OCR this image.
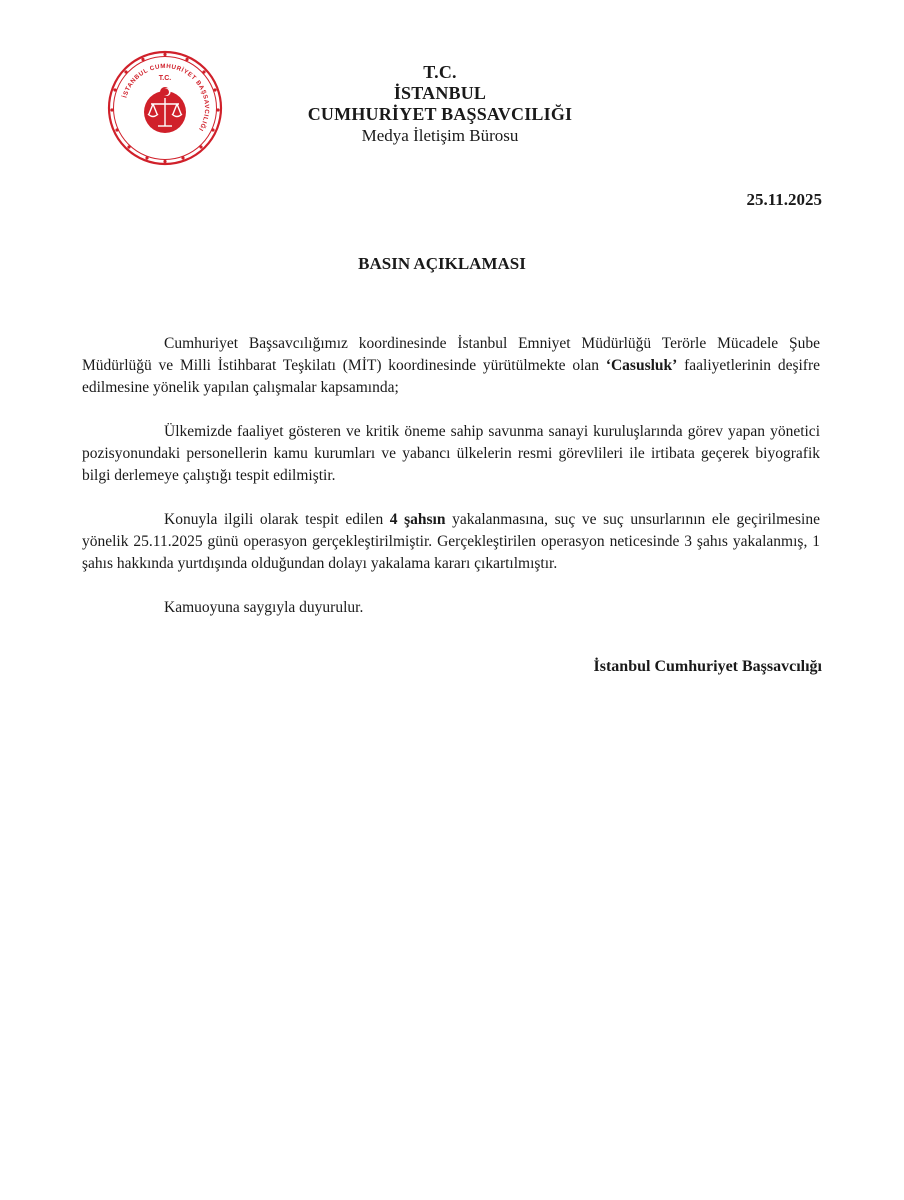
İSTANBUL CUMHURİYET BAŞSAVCILIĞI
T.C.	T.C.
İSTANBUL
CUMHURİYET BAŞSAVCILIĞI
Medya İletişim Bürosu
25.11.2025
BASIN AÇIKLAMASI

Cumhuriyet Başsavcılığımız koordinesinde İstanbul Emniyet Müdürlüğü Terörle Mücadele Şube Müdürlüğü ve Milli İstihbarat Teşkilatı (MİT) koordinesinde yürütülmekte olan ‘Casusluk’ faaliyetlerinin deşifre edilmesine yönelik yapılan çalışmalar kapsamında;

Ülkemizde faaliyet gösteren ve kritik öneme sahip savunma sanayi kuruluşlarında görev yapan yönetici pozisyonundaki personellerin kamu kurumları ve yabancı ülkelerin resmi görevlileri ile irtibata geçerek biyografik bilgi derlemeye çalıştığı tespit edilmiştir.

Konuyla ilgili olarak tespit edilen 4 şahsın yakalanmasına, suç ve suç unsurlarının ele geçirilmesine yönelik 25.11.2025 günü operasyon gerçekleştirilmiştir. Gerçekleştirilen operasyon neticesinde 3 şahıs yakalanmış, 1 şahıs hakkında yurtdışında olduğundan dolayı yakalama kararı çıkartılmıştır.

Kamuoyuna saygıyla duyurulur.

İstanbul Cumhuriyet Başsavcılığı
